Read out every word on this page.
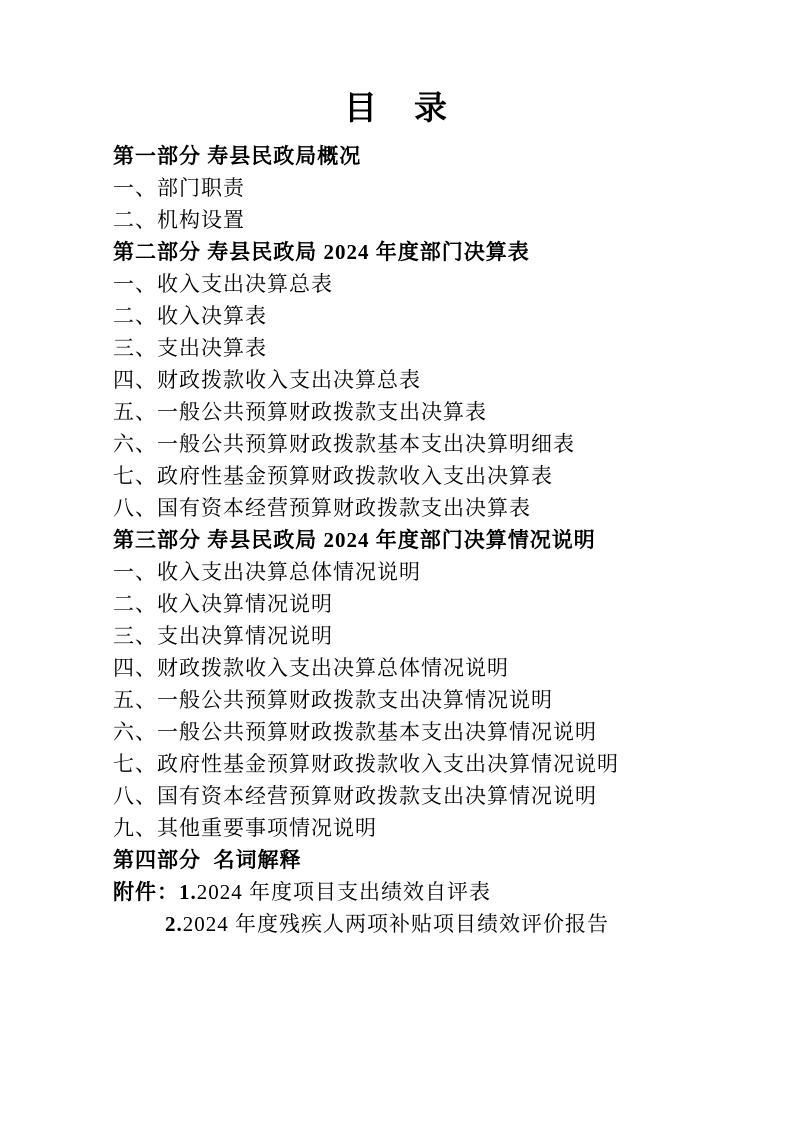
目　录
第一部分 寿县民政局概况
一、部门职责
二、机构设置
第二部分 寿县民政局 2024 年度部门决算表
一、收入支出决算总表
二、收入决算表
三、支出决算表
四、财政拨款收入支出决算总表
五、一般公共预算财政拨款支出决算表
六、一般公共预算财政拨款基本支出决算明细表
七、政府性基金预算财政拨款收入支出决算表
八、国有资本经营预算财政拨款支出决算表
第三部分 寿县民政局 2024 年度部门决算情况说明
一、收入支出决算总体情况说明
二、收入决算情况说明
三、支出决算情况说明
四、财政拨款收入支出决算总体情况说明
五、一般公共预算财政拨款支出决算情况说明
六、一般公共预算财政拨款基本支出决算情况说明
七、政府性基金预算财政拨款收入支出决算情况说明
八、国有资本经营预算财政拨款支出决算情况说明
九、其他重要事项情况说明
第四部分  名词解释
附件：1.2024 年度项目支出绩效自评表
2.2024 年度残疾人两项补贴项目绩效评价报告
